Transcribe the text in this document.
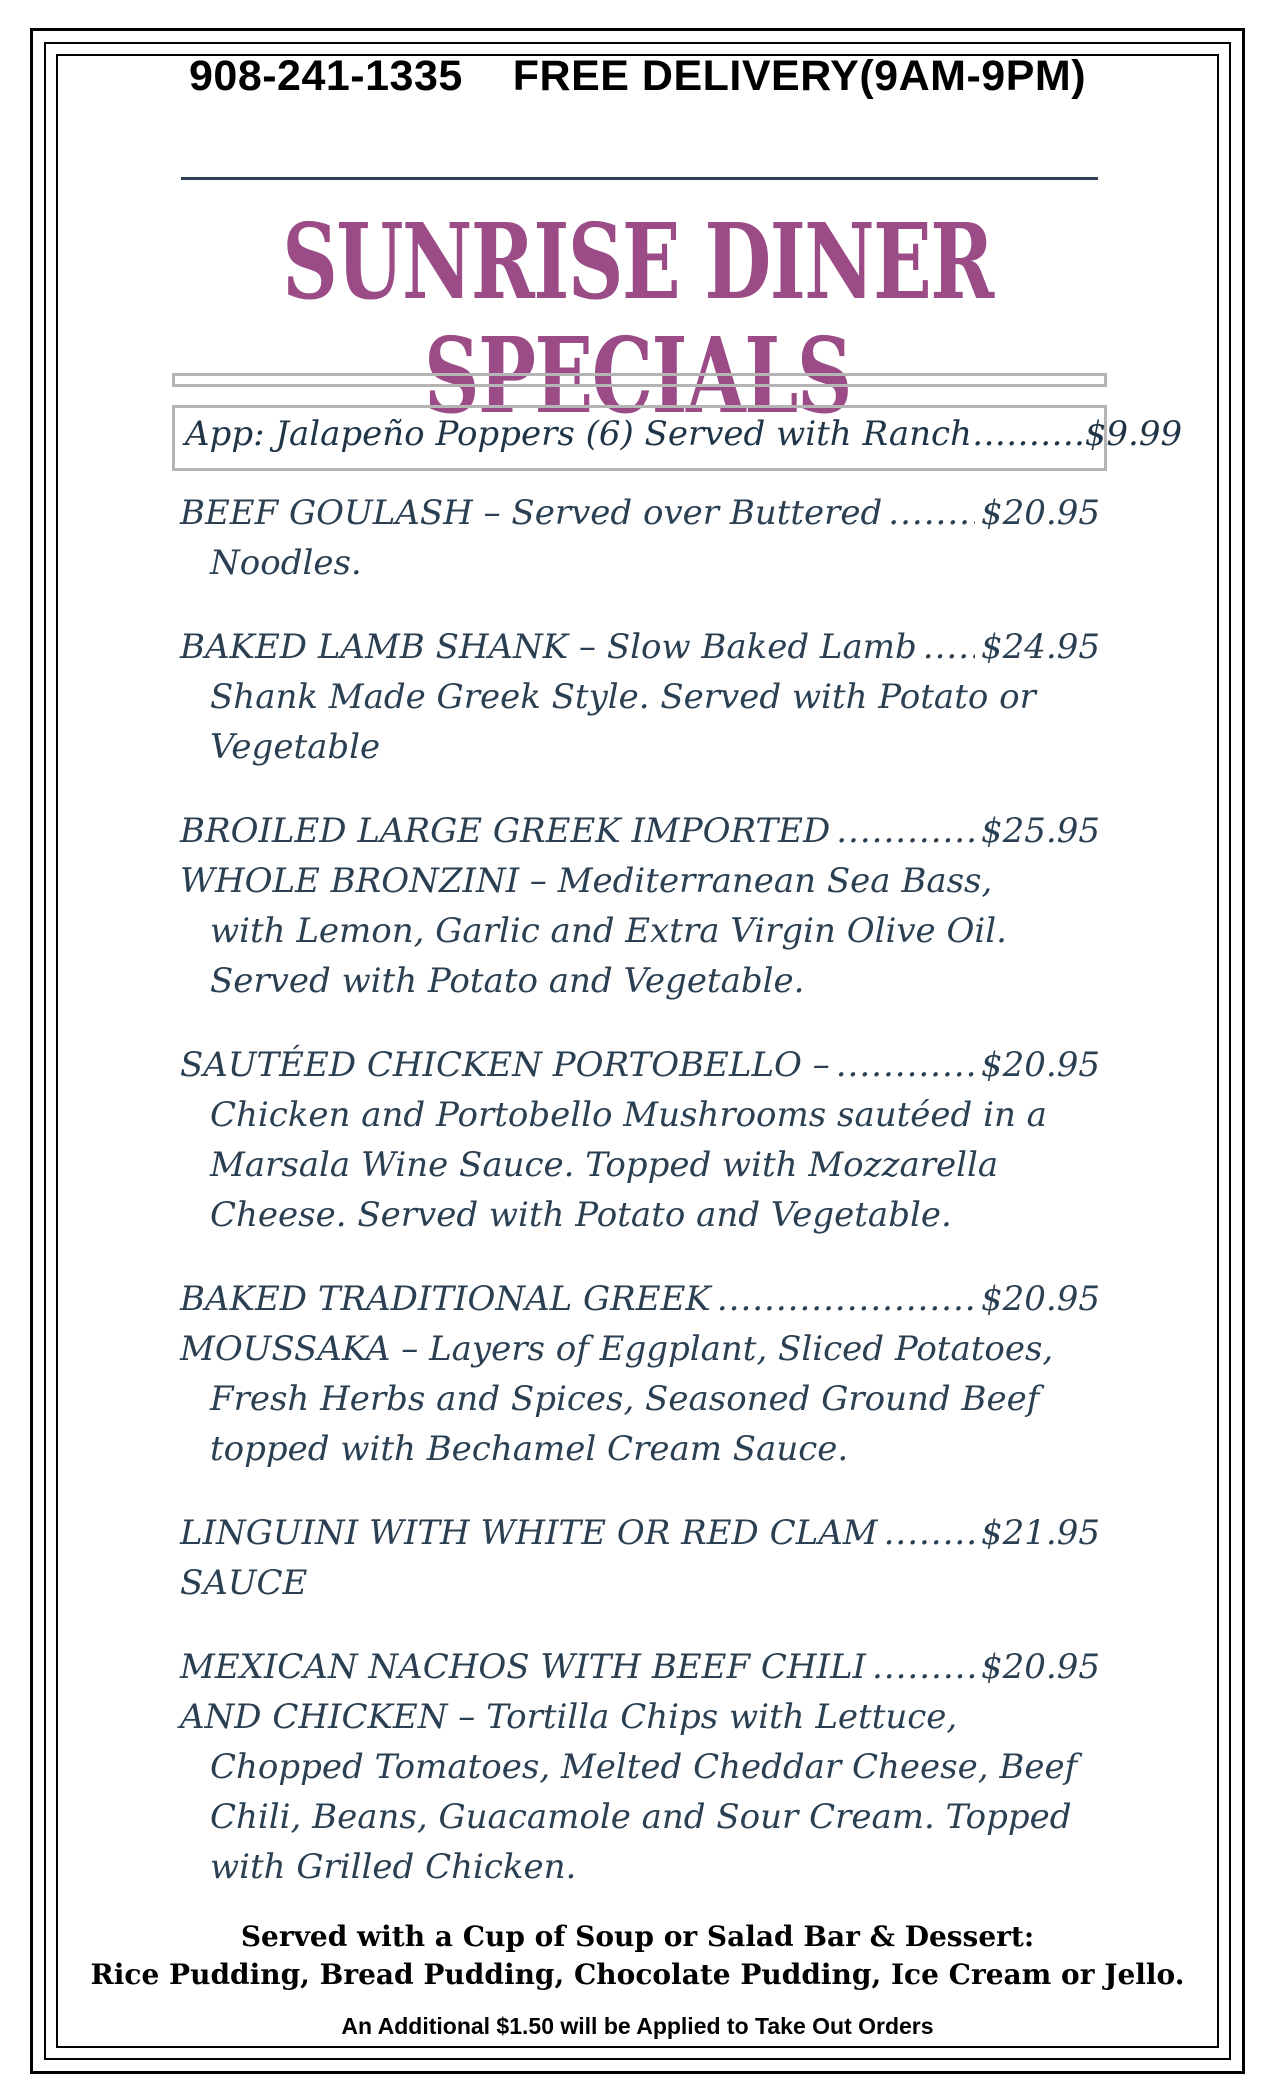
908-241-1335 FREE DELIVERY(9AM-9PM)
SUNRISE DINER SPECIALS
App: Jalapeño Poppers (6) Served with Ranch……….$9.99
BEEF GOULASH – Served over Buttered .....	$20.95
Noodles.
BAKED LAMB SHANK – Slow Baked Lamb ..... $24.95
Shank Made Greek Style. Served with Potato or
Vegetable
BROILED LARGE GREEK IMPORTED .....	$25.95
WHOLE BRONZINI – Mediterranean Sea Bass,
with Lemon, Garlic and Extra Virgin Olive Oil.
Served with Potato and Vegetable.
SAUTÉED CHICKEN PORTOBELLO – .....	$20.95
Chicken and Portobello Mushrooms sautéed in a
Marsala Wine Sauce. Topped with Mozzarella
Cheese. Served with Potato and Vegetable.
BAKED TRADITIONAL GREEK .....	$20.95
MOUSSAKA – Layers of Eggplant, Sliced Potatoes,
Fresh Herbs and Spices, Seasoned Ground Beef
topped with Bechamel Cream Sauce.
LINGUINI WITH WHITE OR RED CLAM .....	$21.95
SAUCE
MEXICAN NACHOS WITH BEEF CHILI .....	$20.95
AND CHICKEN – Tortilla Chips with Lettuce,
Chopped Tomatoes, Melted Cheddar Cheese, Beef
Chili, Beans, Guacamole and Sour Cream. Topped
with Grilled Chicken.
Served with a Cup of Soup or Salad Bar & Dessert:
Rice Pudding, Bread Pudding, Chocolate Pudding, Ice Cream or Jello.
An Additional $1.50 will be Applied to Take Out Orders
